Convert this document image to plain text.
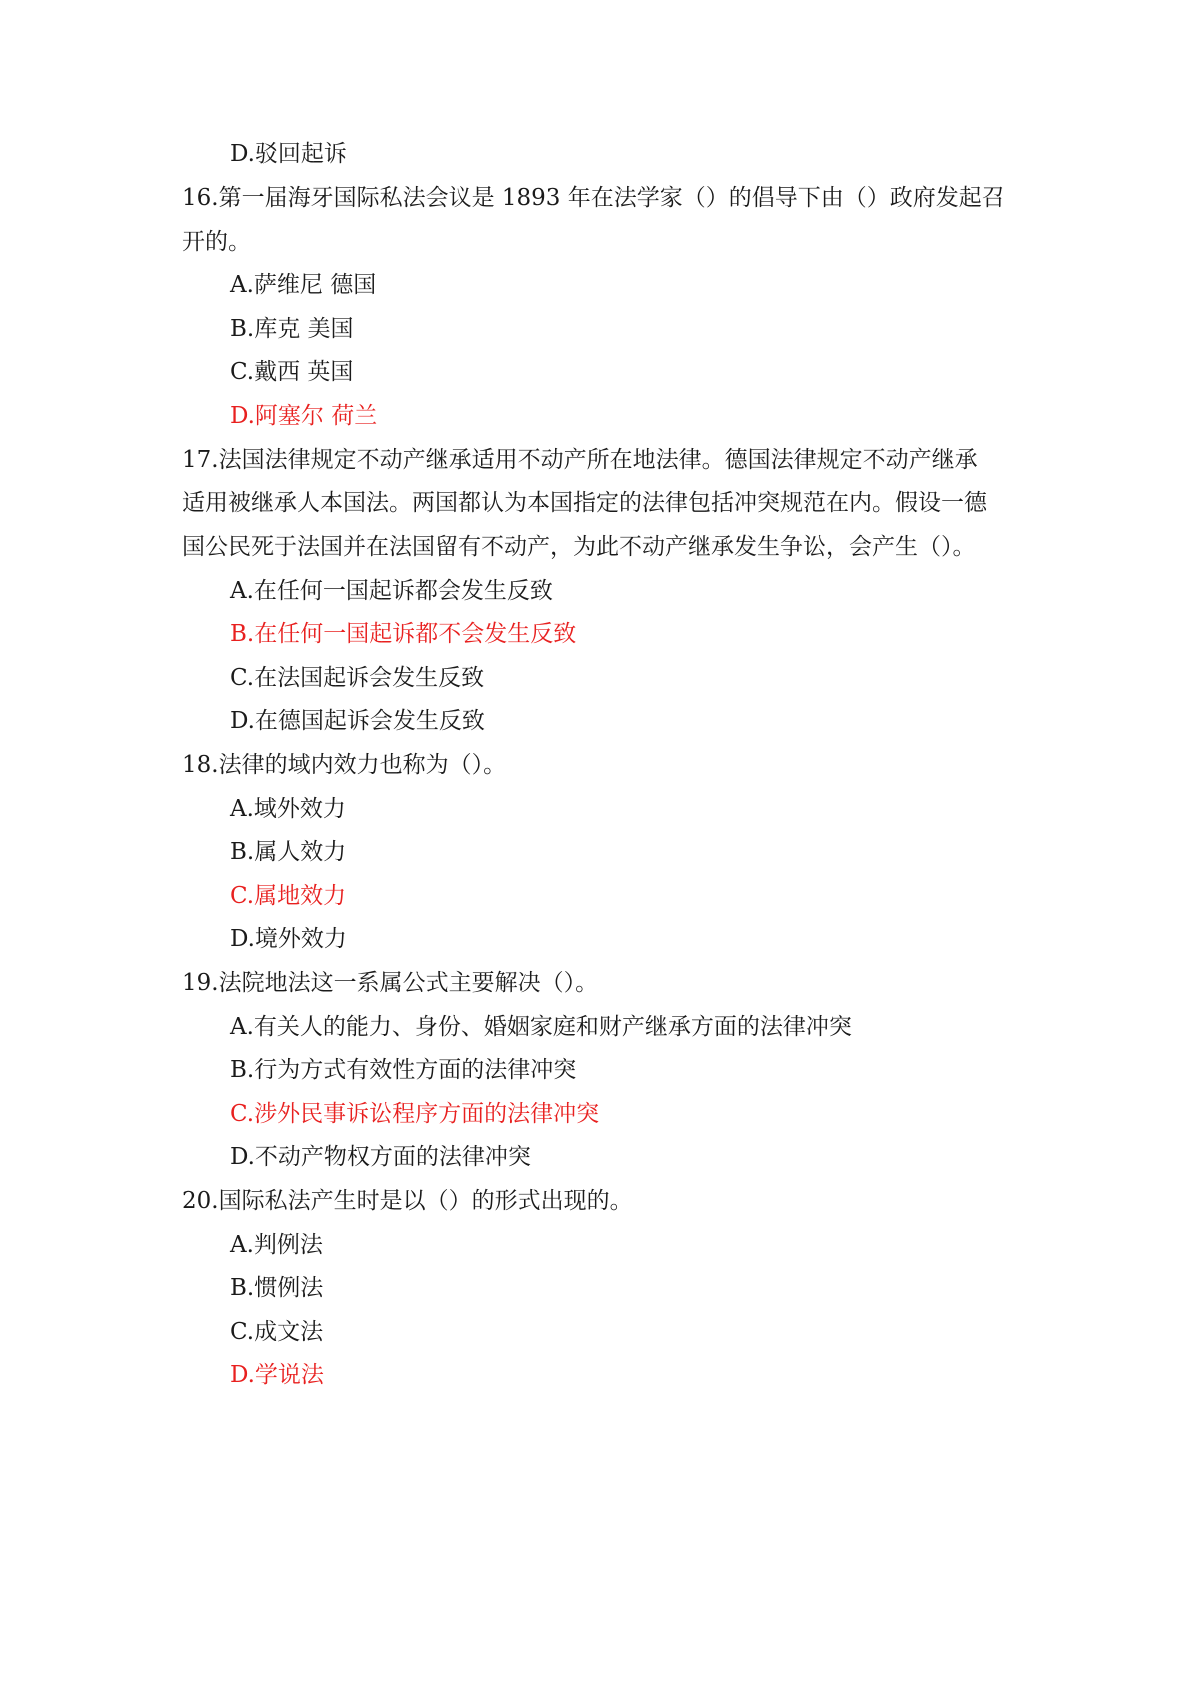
D.驳回起诉
16.第一届海牙国际私法会议是 1893 年在法学家（）的倡导下由（）政府发起召
开的。
A.萨维尼 德国
B.库克 美国
C.戴西 英国
D.阿塞尔 荷兰
17.法国法律规定不动产继承适用不动产所在地法律。德国法律规定不动产继承
适用被继承人本国法。两国都认为本国指定的法律包括冲突规范在内。假设一德
国公民死于法国并在法国留有不动产，为此不动产继承发生争讼，会产生（）。
A.在任何一国起诉都会发生反致
B.在任何一国起诉都不会发生反致
C.在法国起诉会发生反致
D.在德国起诉会发生反致
18.法律的域内效力也称为（）。
A.域外效力
B.属人效力
C.属地效力
D.境外效力
19.法院地法这一系属公式主要解决（）。
A.有关人的能力、身份、婚姻家庭和财产继承方面的法律冲突
B.行为方式有效性方面的法律冲突
C.涉外民事诉讼程序方面的法律冲突
D.不动产物权方面的法律冲突
20.国际私法产生时是以（）的形式出现的。
A.判例法
B.惯例法
C.成文法
D.学说法
